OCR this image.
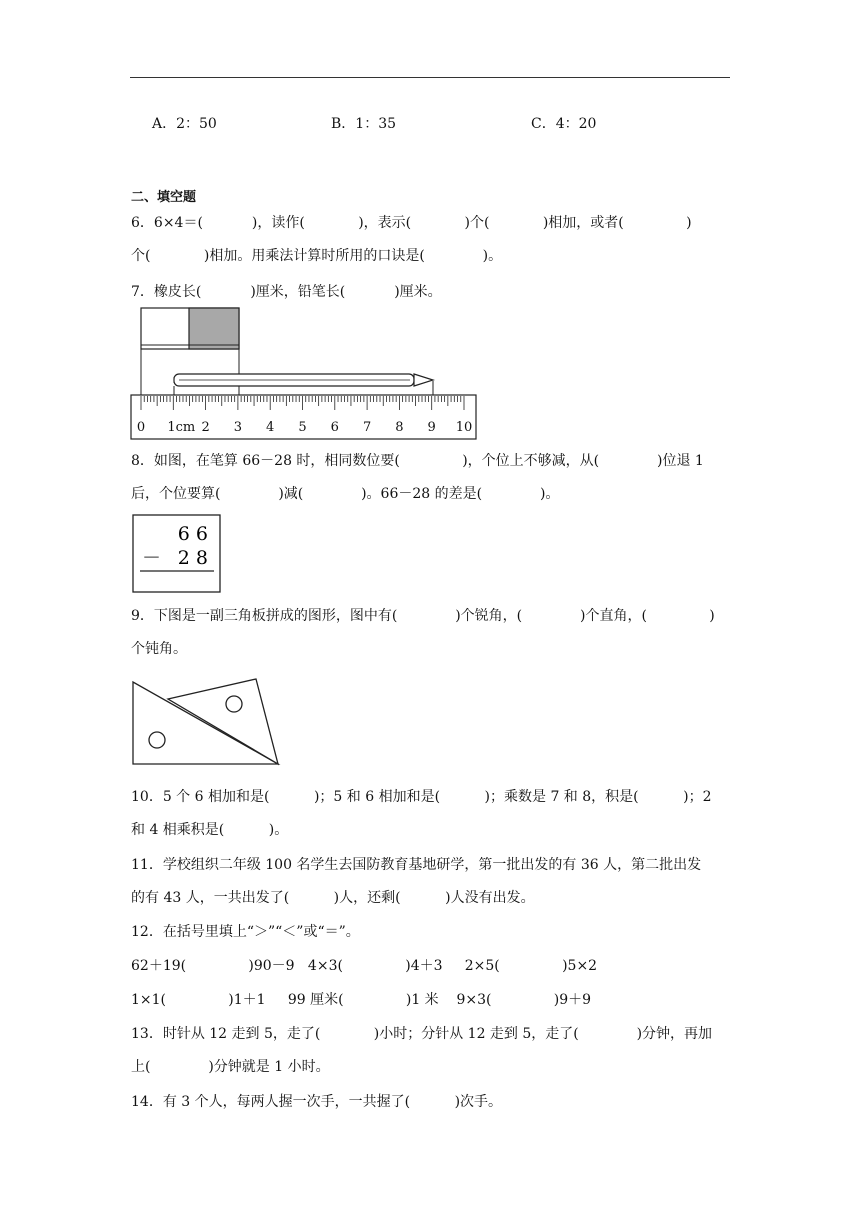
A．2：50	B．1：35	C．4：20
二、填空题
6．6×4＝(           )，读作(            )，表示(            )个(            )相加，或者(              )
个(            )相加。用乘法计算时所用的口诀是(             )。
7．橡皮长(           )厘米，铅笔长(           )厘米。
0 1cm 2 3 4 5 6 7 8 9 10
8．如图，在笔算 66－28 时，相同数位要(              )，个位上不够减，从(             )位退 1
后，个位要算(             )减(             )。66－28 的差是(             )。
6 6
－ 2 8
9．下图是一副三角板拼成的图形，图中有(             )个锐角，(             )个直角，(              )
个钝角。
10．5 个 6 相加和是(          )；5 和 6 相加和是(          )；乘数是 7 和 8，积是(          )；2
和 4 相乘积是(          )。
11．学校组织二年级 100 名学生去国防教育基地研学，第一批出发的有 36 人，第二批出发
的有 43 人，一共出发了(          )人，还剩(          )人没有出发。
12．在括号里填上“＞”“＜”或“＝”。
62＋19(              )90－9   4×3(              )4＋3     2×5(              )5×2
1×1(              )1＋1     99 厘米(              )1 米    9×3(              )9＋9
13．时针从 12 走到 5，走了(            )小时；分针从 12 走到 5，走了(             )分钟，再加
上(             )分钟就是 1 小时。
14．有 3 个人，每两人握一次手，一共握了(          )次手。
